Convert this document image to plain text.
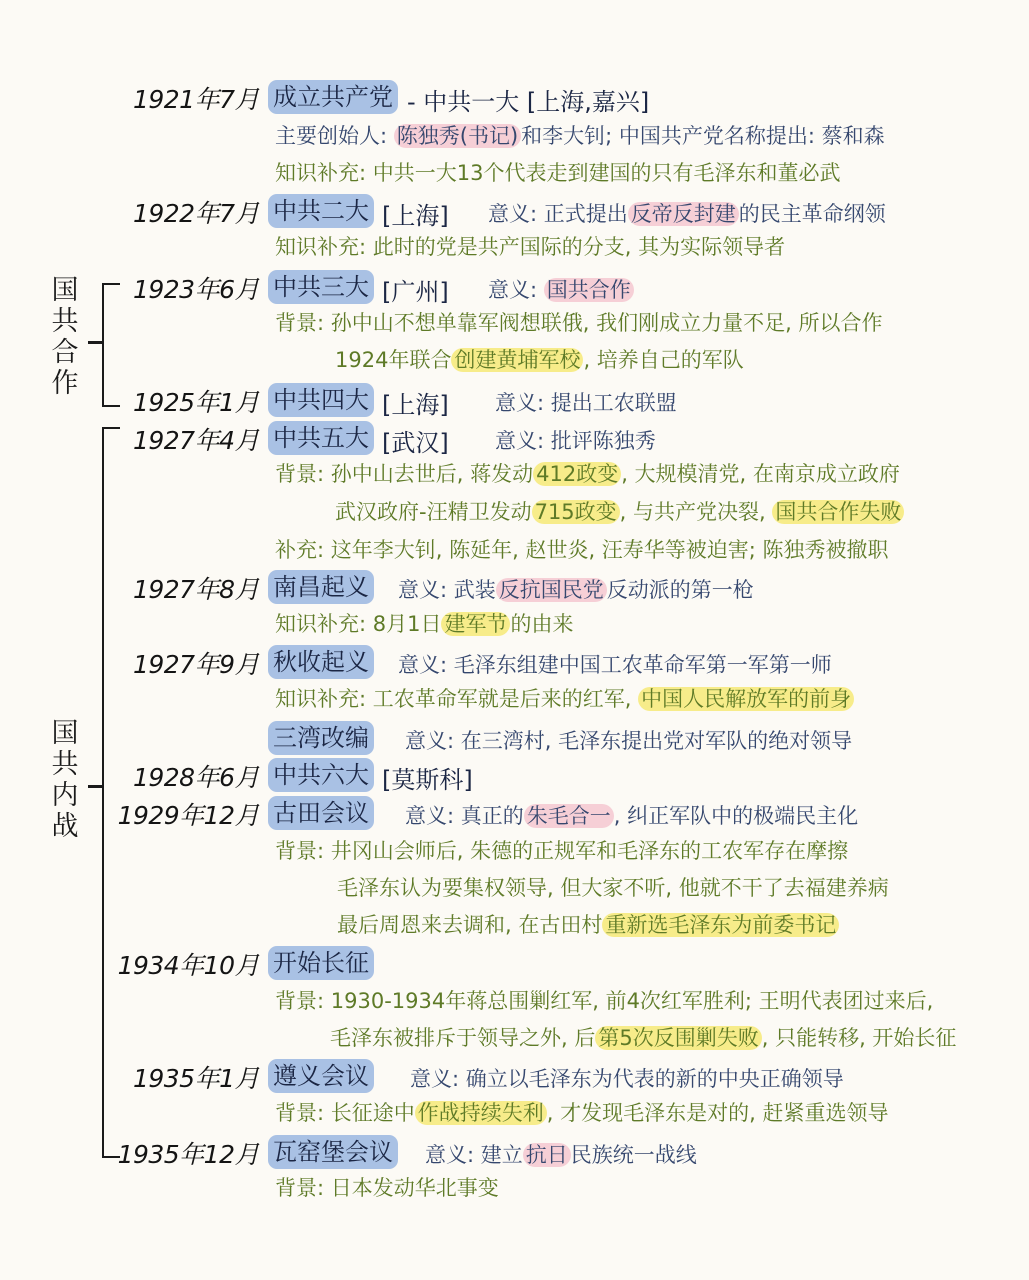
国
共
合
作
国
共
内
战
1921年7月 成立共产党 - 中共一大 [上海,嘉兴]
主要创始人: 陈独秀(书记) 和李大钊; 中国共产党名称提出: 蔡和森
知识补充: 中共一大13个代表走到建国的只有毛泽东和董必武
1922年7月 中共二大 [上海] 意义: 正式提出 反帝反封建 的民主革命纲领
知识补充: 此时的党是共产国际的分支, 其为实际领导者
1923年6月 中共三大 [广州] 意义: 国共合作
背景: 孙中山不想单靠军阀想联俄, 我们刚成立力量不足, 所以合作
1924年联合 创建黄埔军校 , 培养自己的军队
1925年1月 中共四大 [上海] 意义: 提出工农联盟
1927年4月 中共五大 [武汉] 意义: 批评陈独秀
背景: 孙中山去世后, 蒋发动 412政变 , 大规模清党, 在南京成立政府
武汉政府-汪精卫发动 715政变 , 与共产党决裂, 国共合作失败
补充: 这年李大钊, 陈延年, 赵世炎, 汪寿华等被迫害; 陈独秀被撤职
1927年8月 南昌起义 意义: 武装 反抗国民党 反动派的第一枪
知识补充: 8月1日 建军节 的由来
1927年9月 秋收起义 意义: 毛泽东组建中国工农革命军第一军第一师
知识补充: 工农革命军就是后来的红军, 中国人民解放军的前身
三湾改编 意义: 在三湾村, 毛泽东提出党对军队的绝对领导
1928年6月 中共六大 [莫斯科]
1929年12月 古田会议 意义: 真正的 朱毛合一 , 纠正军队中的极端民主化
背景: 井冈山会师后, 朱德的正规军和毛泽东的工农军存在摩擦
毛泽东认为要集权领导, 但大家不听, 他就不干了去福建养病
最后周恩来去调和, 在古田村 重新选毛泽东为前委书记
1934年10月 开始长征
背景: 1930-1934年蒋总围剿红军, 前4次红军胜利; 王明代表团过来后,
毛泽东被排斥于领导之外, 后 第5次反围剿失败 , 只能转移, 开始长征
1935年1月 遵义会议 意义: 确立以毛泽东为代表的新的中央正确领导
背景: 长征途中 作战持续失利 , 才发现毛泽东是对的, 赶紧重选领导
1935年12月 瓦窑堡会议 意义: 建立 抗日 民族统一战线
背景: 日本发动华北事变
